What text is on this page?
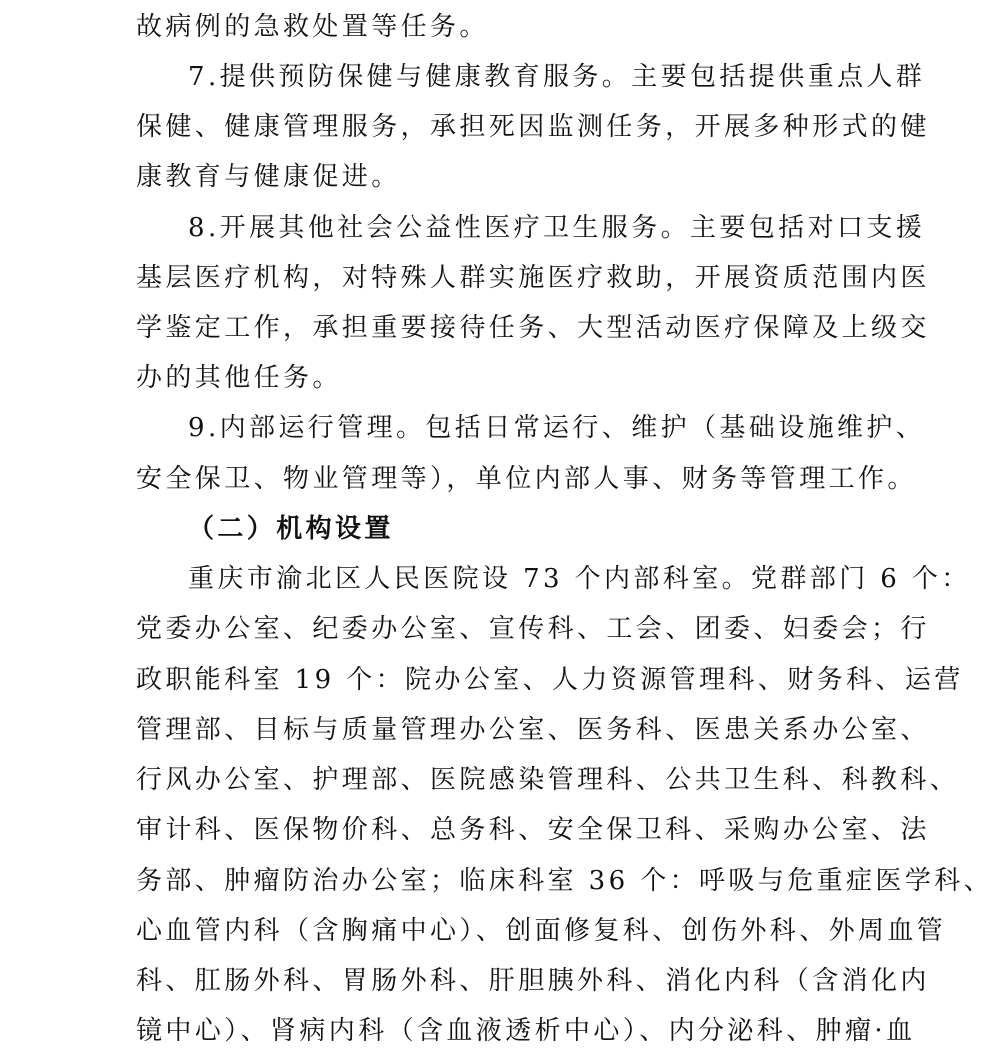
故病例的急救处置等任务。
7.提供预防保健与健康教育服务。主要包括提供重点人群
保健、健康管理服务，承担死因监测任务，开展多种形式的健
康教育与健康促进。
8.开展其他社会公益性医疗卫生服务。主要包括对口支援
基层医疗机构，对特殊人群实施医疗救助，开展资质范围内医
学鉴定工作，承担重要接待任务、大型活动医疗保障及上级交
办的其他任务。
9.内部运行管理。包括日常运行、维护（基础设施维护、
安全保卫、物业管理等），单位内部人事、财务等管理工作。
（二）机构设置
重庆市渝北区人民医院设 73 个内部科室。党群部门 6 个：
党委办公室、纪委办公室、宣传科、工会、团委、妇委会；行
政职能科室 19 个：院办公室、人力资源管理科、财务科、运营
管理部、目标与质量管理办公室、医务科、医患关系办公室、
行风办公室、护理部、医院感染管理科、公共卫生科、科教科、
审计科、医保物价科、总务科、安全保卫科、采购办公室、法
务部、肿瘤防治办公室；临床科室 36 个：呼吸与危重症医学科、
心血管内科（含胸痛中心）、创面修复科、创伤外科、外周血管
科、肛肠外科、胃肠外科、肝胆胰外科、消化内科（含消化内
镜中心）、肾病内科（含血液透析中心）、内分泌科、肿瘤·血
